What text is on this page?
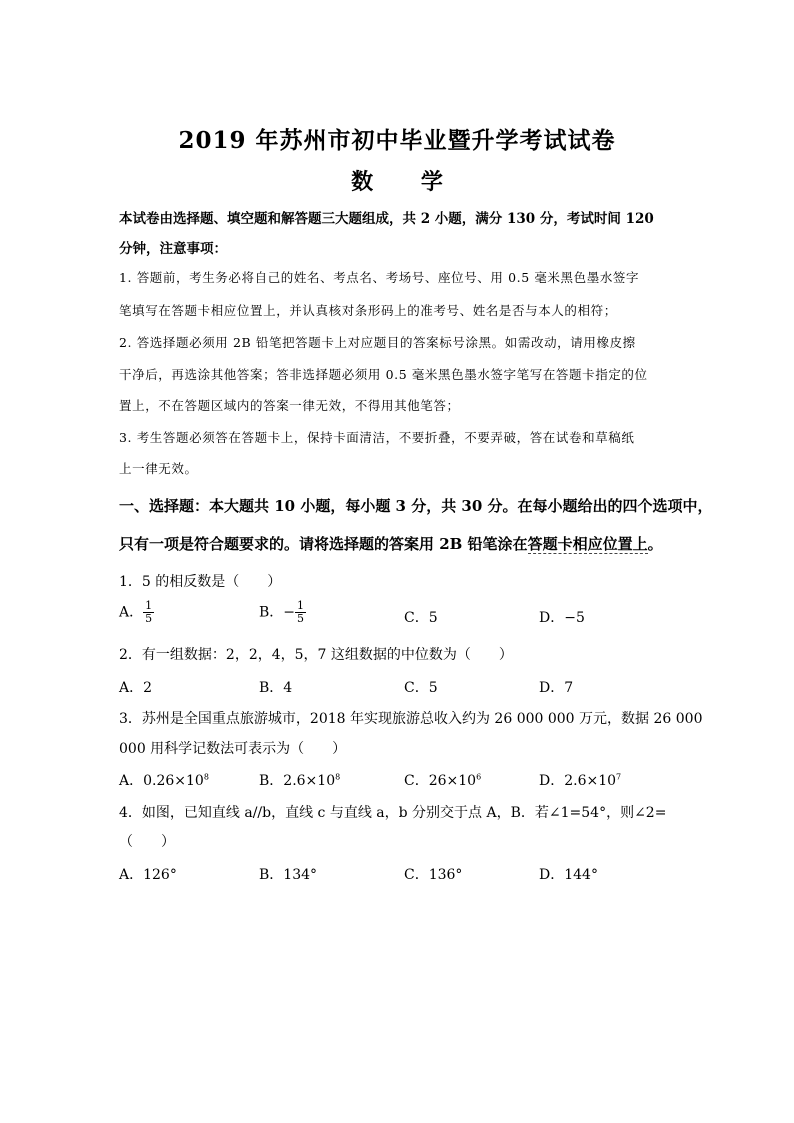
2019 年苏州市初中毕业暨升学考试试卷
数 学
本试卷由选择题、填空题和解答题三大题组成，共 2 小题，满分 130 分，考试时间 120
分钟，注意事项：
1. 答题前，考生务必将自己的姓名、考点名、考场号、座位号、用 0.5 毫米黑色墨水签字
笔填写在答题卡相应位置上，并认真核对条形码上的准考号、姓名是否与本人的相符；
2. 答选择题必须用 2B 铅笔把答题卡上对应题目的答案标号涂黑。如需改动，请用橡皮擦
干净后，再选涂其他答案；答非选择题必须用 0.5 毫米黑色墨水签字笔写在答题卡指定的位
置上，不在答题区域内的答案一律无效，不得用其他笔答；
3. 考生答题必须答在答题卡上，保持卡面清洁，不要折叠，不要弄破，答在试卷和草稿纸
上一律无效。
一、选择题：本大题共 10 小题，每小题 3 分，共 30 分。在每小题给出的四个选项中，
只有一项是符合题要求的。请将选择题的答案用 2B 铅笔涂在答题卡相应位置上。
1．5 的相反数是（　　）
A． $\frac{1}{5}$	B．− $\frac{1}{5}$	C．5	D．−5
2．有一组数据：2，2，4，5，7 这组数据的中位数为（　　）
A．2	B．4	C．5	D．7
3．苏州是全国重点旅游城市，2018 年实现旅游总收入约为 26 000 000 万元，数据 26 000
000 用科学记数法可表示为（　　）
A．$0.26\times 10^8$	B．$2.6\times 10^8$	C．$26\times 10^6$	D．$2.6\times 10^7$
4．如图，已知直线 a//b，直线 c 与直线 a，b 分别交于点 A，B．若∠1=54°，则∠2=
（　　）
A．126°	B．134°	C．136°	D．144°
